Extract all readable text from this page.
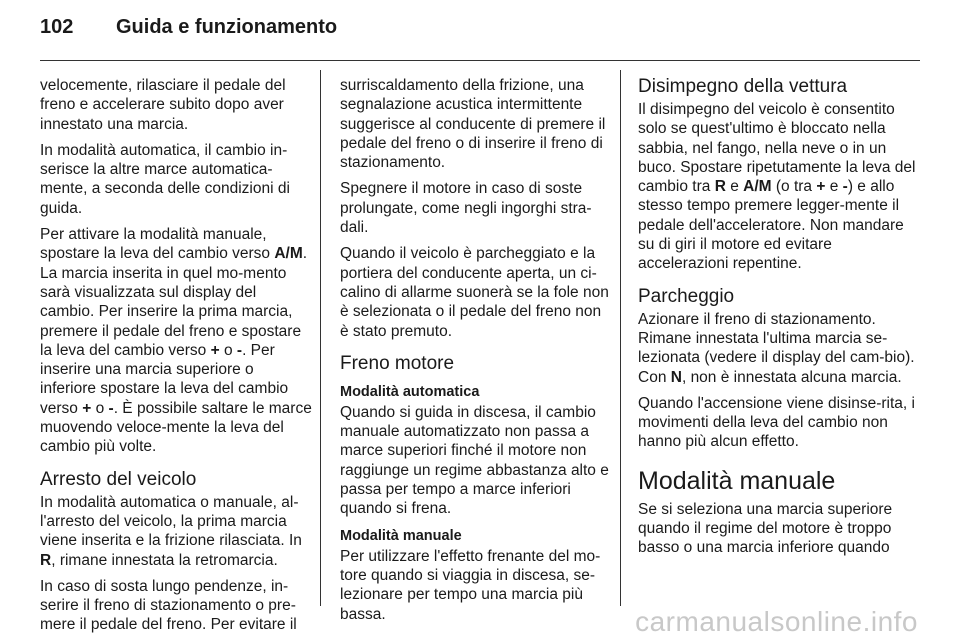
102	Guida e funzionamento

velocemente, rilasciare il pedale del freno e accelerare subito dopo aver innestato una marcia.

In modalità automatica, il cambio in-serisce la altre marce automatica-mente, a seconda delle condizioni di guida.

Per attivare la modalità manuale, spostare la leva del cambio verso A/M. La marcia inserita in quel mo-mento sarà visualizzata sul display del cambio. Per inserire la prima marcia, premere il pedale del freno e spostare la leva del cambio verso + o -. Per inserire una marcia superiore o inferiore spostare la leva del cambio verso + o -. È possibile saltare le marce muovendo veloce-mente la leva del cambio più volte.

Arresto del veicolo

In modalità automatica o manuale, al-l'arresto del veicolo, la prima marcia viene inserita e la frizione rilasciata. In R, rimane innestata la retromarcia.

In caso di sosta lungo pendenze, in-serire il freno di stazionamento o pre-mere il pedale del freno. Per evitare il

surriscaldamento della frizione, una segnalazione acustica intermittente suggerisce al conducente di premere il pedale del freno o di inserire il freno di stazionamento.

Spegnere il motore in caso di soste prolungate, come negli ingorghi stra-dali.

Quando il veicolo è parcheggiato e la portiera del conducente aperta, un ci-calino di allarme suonerà se la fole non è selezionata o il pedale del freno non è stato premuto.

Freno motore
Modalità automatica

Quando si guida in discesa, il cambio manuale automatizzato non passa a marce superiori finché il motore non raggiunge un regime abbastanza alto e passa per tempo a marce inferiori quando si frena.

Modalità manuale

Per utilizzare l'effetto frenante del mo-tore quando si viaggia in discesa, se-lezionare per tempo una marcia più bassa.

Disimpegno della vettura

Il disimpegno del veicolo è consentito solo se quest'ultimo è bloccato nella sabbia, nel fango, nella neve o in un buco. Spostare ripetutamente la leva del cambio tra R e A/M (o tra + e -) e allo stesso tempo premere legger-mente il pedale dell'acceleratore. Non mandare su di giri il motore ed evitare accelerazioni repentine.

Parcheggio

Azionare il freno di stazionamento. Rimane innestata l'ultima marcia se-lezionata (vedere il display del cam-bio). Con N, non è innestata alcuna marcia.

Quando l'accensione viene disinse-rita, i movimenti della leva del cambio non hanno più alcun effetto.

Modalità manuale

Se si seleziona una marcia superiore quando il regime del motore è troppo basso o una marcia inferiore quando

carmanualsonline.info
